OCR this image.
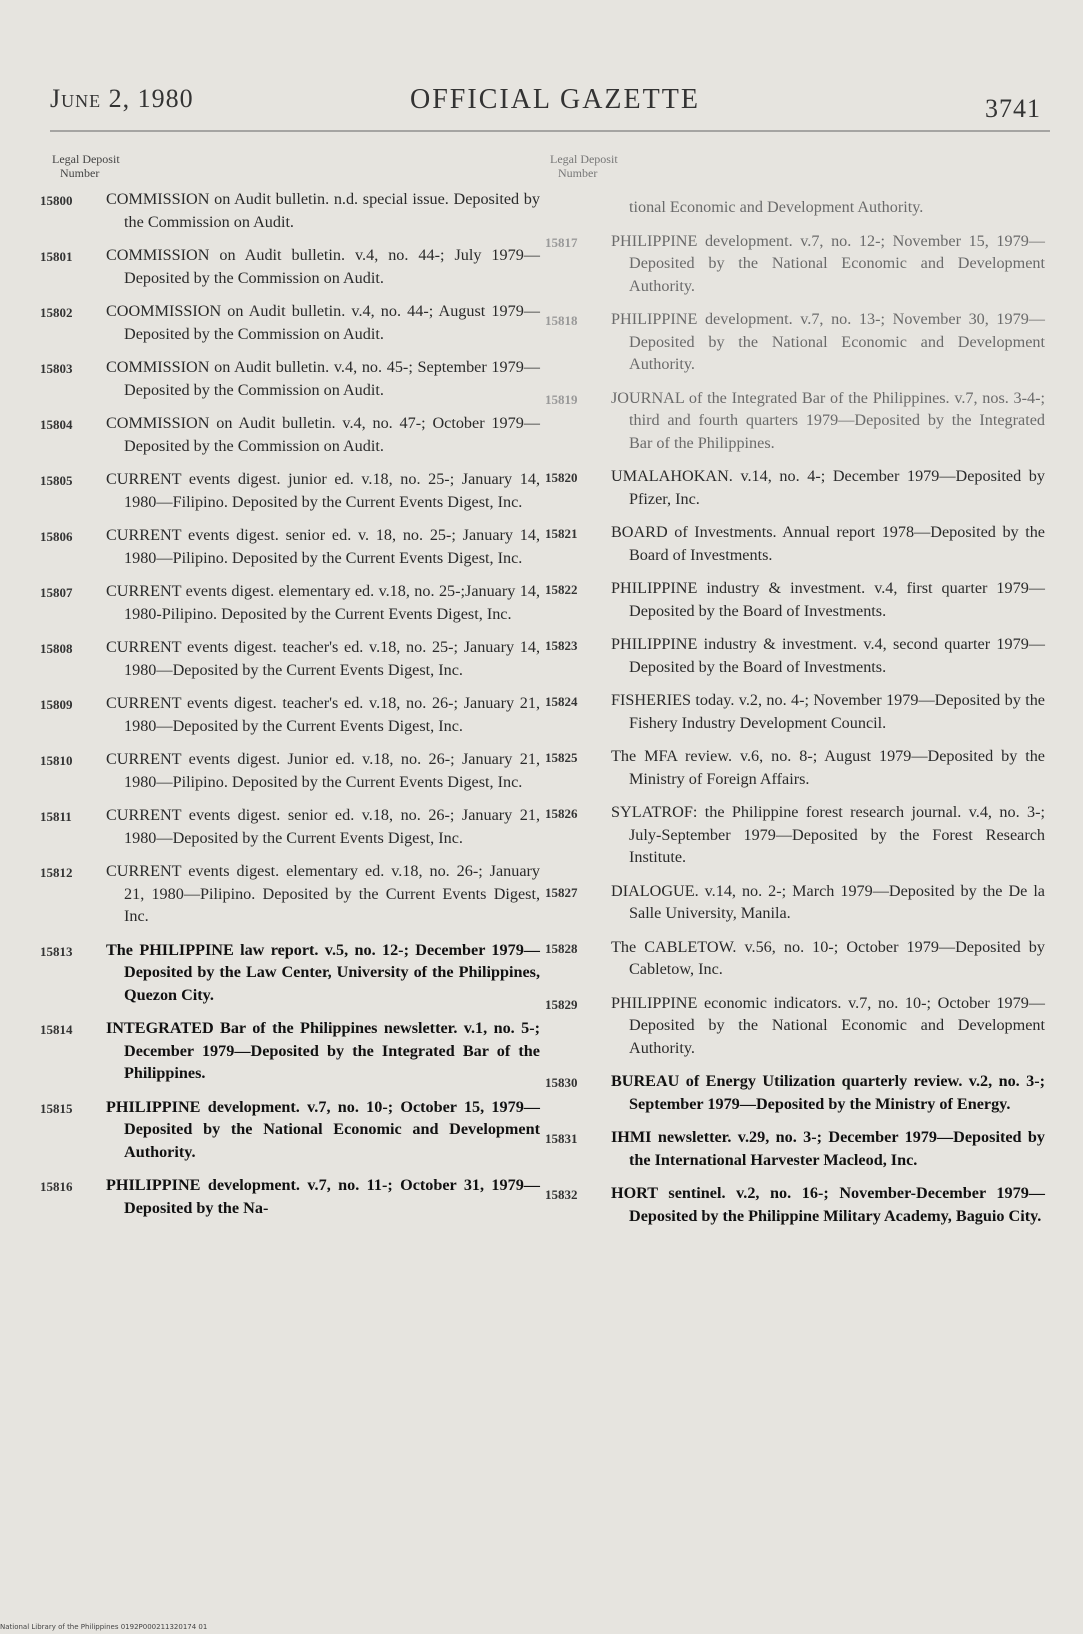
June 2, 1980	OFFICIAL GAZETTE	3741
Legal Deposit
Number
Legal Deposit
Number
15800 COMMISSION on Audit bulletin. n.d. special issue. Deposited by the Commission on Audit.
15801 COMMISSION on Audit bulletin. v.4, no. 44-; July 1979—Deposited by the Commission on Audit.
15802 COOMMISSION on Audit bulletin. v.4, no. 44-; August 1979—Deposited by the Commission on Audit.
15803 COMMISSION on Audit bulletin. v.4, no. 45-; September 1979—Deposited by the Commission on Audit.
15804 COMMISSION on Audit bulletin. v.4, no. 47-; October 1979—Deposited by the Commission on Audit.
15805 CURRENT events digest. junior ed. v.18, no. 25-; January 14, 1980—Filipino. Deposited by the Current Events Digest, Inc.
15806 CURRENT events digest. senior ed. v. 18, no. 25-; January 14, 1980—Pilipino. Deposited by the Current Events Digest, Inc.
15807 CURRENT events digest. elementary ed. v.18, no. 25-;January 14, 1980-Pilipino. Deposited by the Current Events Digest, Inc.
15808 CURRENT events digest. teacher's ed. v.18, no. 25-; January 14, 1980—Deposited by the Current Events Digest, Inc.
15809 CURRENT events digest. teacher's ed. v.18, no. 26-; January 21, 1980—Deposited by the Current Events Digest, Inc.
15810 CURRENT events digest. Junior ed. v.18, no. 26-; January 21, 1980—Pilipino. Deposited by the Current Events Digest, Inc.
15811 CURRENT events digest. senior ed. v.18, no. 26-; January 21, 1980—Deposited by the Current Events Digest, Inc.
15812 CURRENT events digest. elementary ed. v.18, no. 26-; January 21, 1980—Pilipino. Deposited by the Current Events Digest, Inc.
15813 The PHILIPPINE law report. v.5, no. 12-; December 1979—Deposited by the Law Center, University of the Philippines, Quezon City.
15814 INTEGRATED Bar of the Philippines newsletter. v.1, no. 5-; December 1979—Deposited by the Integrated Bar of the Philippines.
15815 PHILIPPINE development. v.7, no. 10-; October 15, 1979—Deposited by the National Economic and Development Authority.
15816 PHILIPPINE development. v.7, no. 11-; October 31, 1979—Deposited by the Na-
tional Economic and Development Authority.
15817 PHILIPPINE development. v.7, no. 12-; November 15, 1979—Deposited by the National Economic and Development Authority.
15818 PHILIPPINE development. v.7, no. 13-; November 30, 1979—Deposited by the National Economic and Development Authority.
15819 JOURNAL of the Integrated Bar of the Philippines. v.7, nos. 3-4-; third and fourth quarters 1979—Deposited by the Integrated Bar of the Philippines.
15820 UMALAHOKAN. v.14, no. 4-; December 1979—Deposited by Pfizer, Inc.
15821 BOARD of Investments. Annual report 1978—Deposited by the Board of Investments.
15822 PHILIPPINE industry & investment. v.4, first quarter 1979—Deposited by the Board of Investments.
15823 PHILIPPINE industry & investment. v.4, second quarter 1979—Deposited by the Board of Investments.
15824 FISHERIES today. v.2, no. 4-; November 1979—Deposited by the Fishery Industry Development Council.
15825 The MFA review. v.6, no. 8-; August 1979—Deposited by the Ministry of Foreign Affairs.
15826 SYLATROF: the Philippine forest research journal. v.4, no. 3-; July-September 1979—Deposited by the Forest Research Institute.
15827 DIALOGUE. v.14, no. 2-; March 1979—Deposited by the De la Salle University, Manila.
15828 The CABLETOW. v.56, no. 10-; October 1979—Deposited by Cabletow, Inc.
15829 PHILIPPINE economic indicators. v.7, no. 10-; October 1979—Deposited by the National Economic and Development Authority.
15830 BUREAU of Energy Utilization quarterly review. v.2, no. 3-; September 1979—Deposited by the Ministry of Energy.
15831 IHMI newsletter. v.29, no. 3-; December 1979—Deposited by the International Harvester Macleod, Inc.
15832 HORT sentinel. v.2, no. 16-; November-December 1979—Deposited by the Philippine Military Academy, Baguio City.
National Library of the Philippines 0192P000211320174 01
